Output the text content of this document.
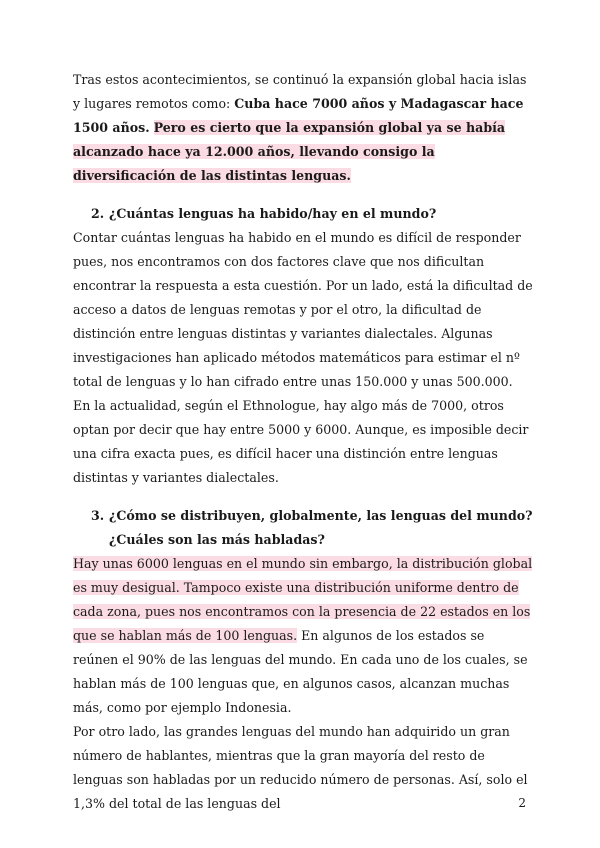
Tras estos acontecimientos, se continuó la expansión global hacia islas y lugares remotos como: Cuba hace 7000 años y Madagascar hace 1500 años. Pero es cierto que la expansión global ya se había alcanzado hace ya 12.000 años, llevando consigo la diversificación de las distintas lenguas.

2. ¿Cuántas lenguas ha habido/hay en el mundo?

Contar cuántas lenguas ha habido en el mundo es difícil de responder pues, nos encontramos con dos factores clave que nos dificultan encontrar la respuesta a esta cuestión. Por un lado, está la dificultad de acceso a datos de lenguas remotas y por el otro, la dificultad de distinción entre lenguas distintas y variantes dialectales. Algunas investigaciones han aplicado métodos matemáticos para estimar el nº total de lenguas y lo han cifrado entre unas 150.000 y unas 500.000.

En la actualidad, según el Ethnologue, hay algo más de 7000, otros optan por decir que hay entre 5000 y 6000. Aunque, es imposible decir una cifra exacta pues, es difícil hacer una distinción entre lenguas distintas y variantes dialectales.

3. ¿Cómo se distribuyen, globalmente, las lenguas del mundo? ¿Cuáles son las más habladas?

Hay unas 6000 lenguas en el mundo sin embargo, la distribución global es muy desigual. Tampoco existe una distribución uniforme dentro de cada zona, pues nos encontramos con la presencia de 22 estados en los que se hablan más de 100 lenguas. En algunos de los estados se reúnen el 90% de las lenguas del mundo. En cada uno de los cuales, se hablan más de 100 lenguas que, en algunos casos, alcanzan muchas más, como por ejemplo Indonesia.

Por otro lado, las grandes lenguas del mundo han adquirido un gran número de hablantes, mientras que la gran mayoría del resto de lenguas son habladas por un reducido número de personas. Así, solo el 1,3% del total de las lenguas del	2
